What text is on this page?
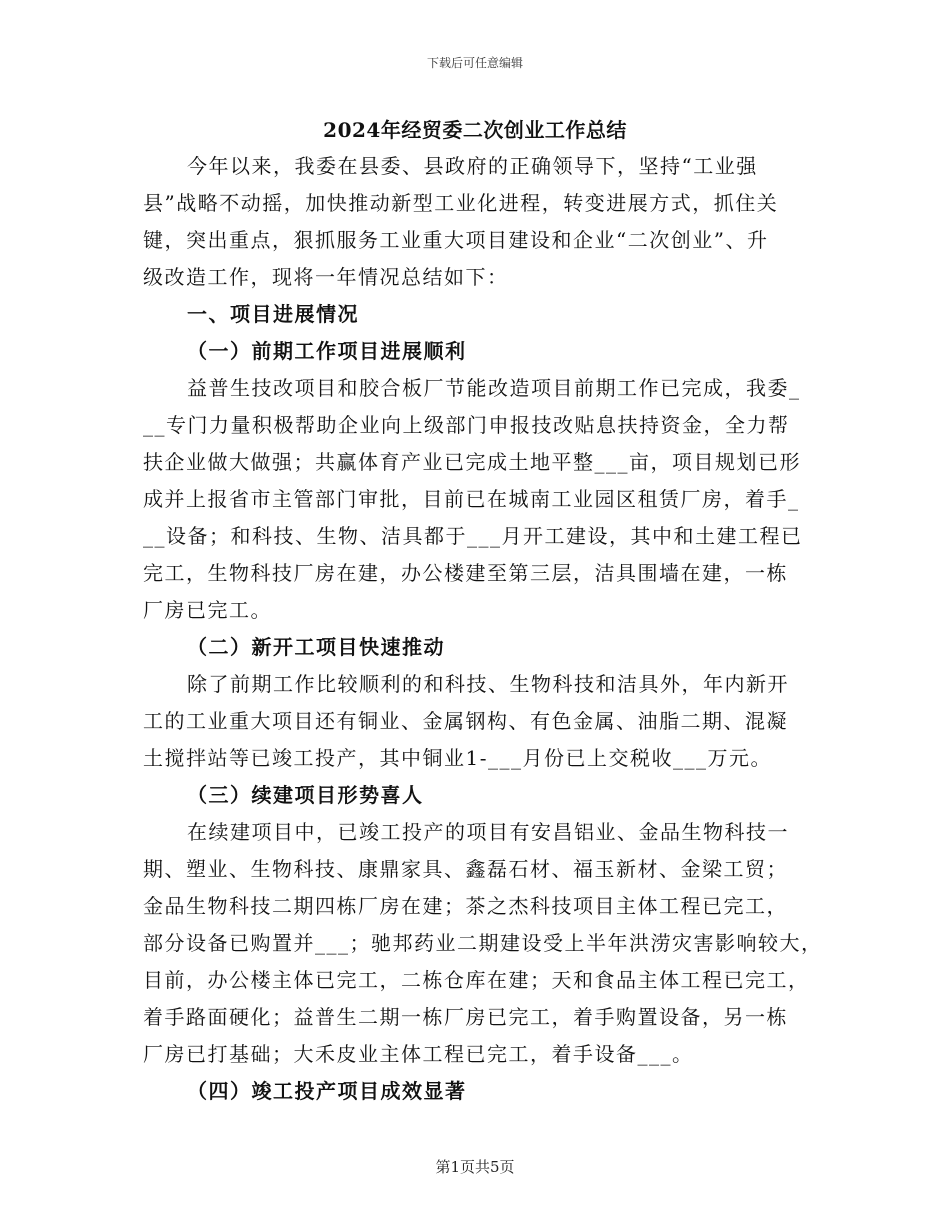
下载后可任意编辑
2024年经贸委二次创业工作总结
今年以来，我委在县委、县政府的正确领导下，坚持“工业强
县”战略不动摇，加快推动新型工业化进程，转变进展方式，抓住关
键，突出重点，狠抓服务工业重大项目建设和企业“二次创业”、升
级改造工作，现将一年情况总结如下：
一、项目进展情况
（一）前期工作项目进展顺利
益普生技改项目和胶合板厂节能改造项目前期工作已完成，我委_
__专门力量积极帮助企业向上级部门申报技改贴息扶持资金，全力帮
扶企业做大做强；共赢体育产业已完成土地平整___亩，项目规划已形
成并上报省市主管部门审批，目前已在城南工业园区租赁厂房，着手_
__设备；和科技、生物、洁具都于___月开工建设，其中和土建工程已
完工，生物科技厂房在建，办公楼建至第三层，洁具围墙在建，一栋
厂房已完工。
（二）新开工项目快速推动
除了前期工作比较顺利的和科技、生物科技和洁具外，年内新开
工的工业重大项目还有铜业、金属钢构、有色金属、油脂二期、混凝
土搅拌站等已竣工投产，其中铜业1-___月份已上交税收___万元。
（三）续建项目形势喜人
在续建项目中，已竣工投产的项目有安昌铝业、金品生物科技一
期、塑业、生物科技、康鼎家具、鑫磊石材、福玉新材、金梁工贸；
金品生物科技二期四栋厂房在建；茶之杰科技项目主体工程已完工，
部分设备已购置并___；驰邦药业二期建设受上半年洪涝灾害影响较大，
目前，办公楼主体已完工，二栋仓库在建；天和食品主体工程已完工，
着手路面硬化；益普生二期一栋厂房已完工，着手购置设备，另一栋
厂房已打基础；大禾皮业主体工程已完工，着手设备___。
（四）竣工投产项目成效显著
第1页共5页
